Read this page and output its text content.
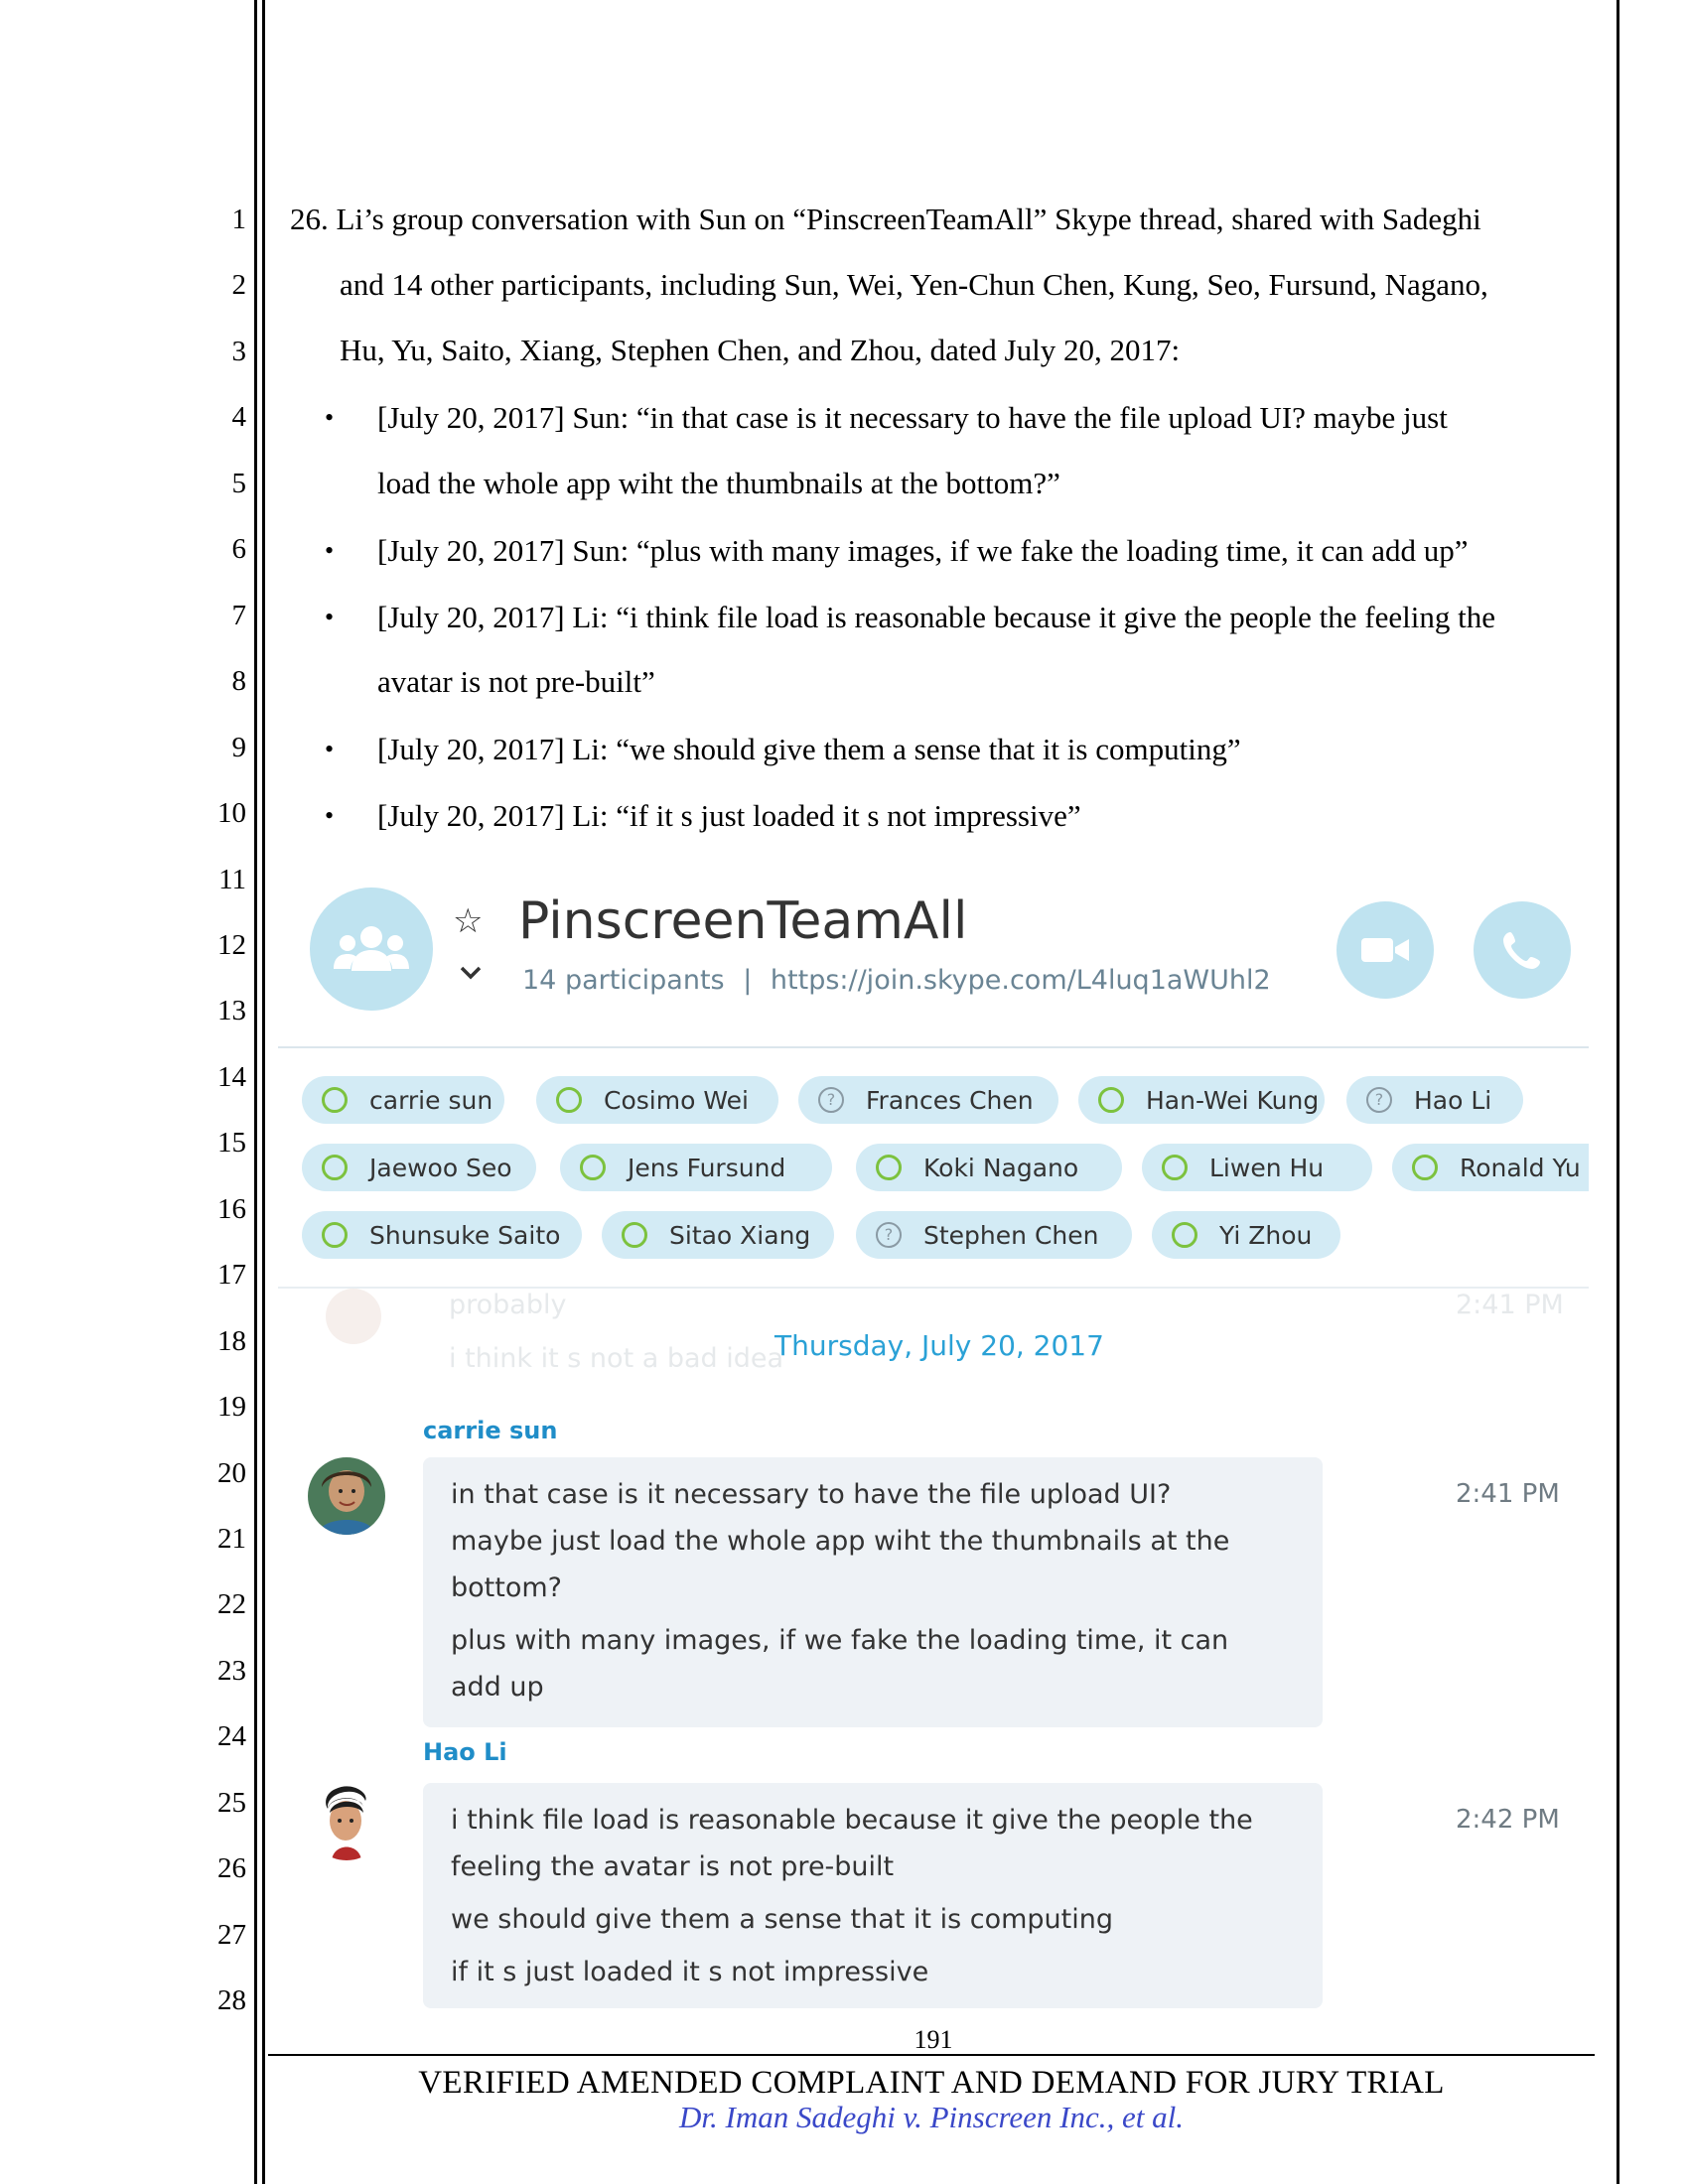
1
2
3
4
5
6
7
8
9
10
11
12
13
14
15
16
17
18
19
20
21
22
23
24
25
26
27
28
26. Li’s group conversation with Sun on “PinscreenTeamAll” Skype thread, shared with Sadeghi
and 14 other participants, including Sun, Wei, Yen-Chun Chen, Kung, Seo, Fursund, Nagano,
Hu, Yu, Saito, Xiang, Stephen Chen, and Zhou, dated July 20, 2017:
• [July 20, 2017] Sun: “in that case is it necessary to have the file upload UI? maybe just
load the whole app wiht the thumbnails at the bottom?”
• [July 20, 2017] Sun: “plus with many images, if we fake the loading time, it can add up”
• [July 20, 2017] Li: “i think file load is reasonable because it give the people the feeling the
avatar is not pre-built”
• [July 20, 2017] Li: “we should give them a sense that it is computing”
• [July 20, 2017] Li: “if it s just loaded it s not impressive”
☆ PinscreenTeamAll
14 participants | https://join.skype.com/L4luq1aWUhl2
carrie sun	Cosimo Wei	?	Frances Chen	Han-Wei Kung	?	Hao Li
Jaewoo Seo	Jens Fursund	Koki Nagano	Liwen Hu	Ronald Yu
Shunsuke Saito	Sitao Xiang	?	Stephen Chen	Yi Zhou
probably
i think it s not a bad idea
2:41 PM
Thursday, July 20, 2017
carrie sun
in that case is it necessary to have the file upload UI?
maybe just load the whole app wiht the thumbnails at the
bottom?
plus with many images, if we fake the loading time, it can
add up
2:41 PM
Hao Li
i think file load is reasonable because it give the people the
feeling the avatar is not pre-built
we should give them a sense that it is computing
if it s just loaded it s not impressive
2:42 PM
191
VERIFIED AMENDED COMPLAINT AND DEMAND FOR JURY TRIAL
Dr. Iman Sadeghi v. Pinscreen Inc., et al.
